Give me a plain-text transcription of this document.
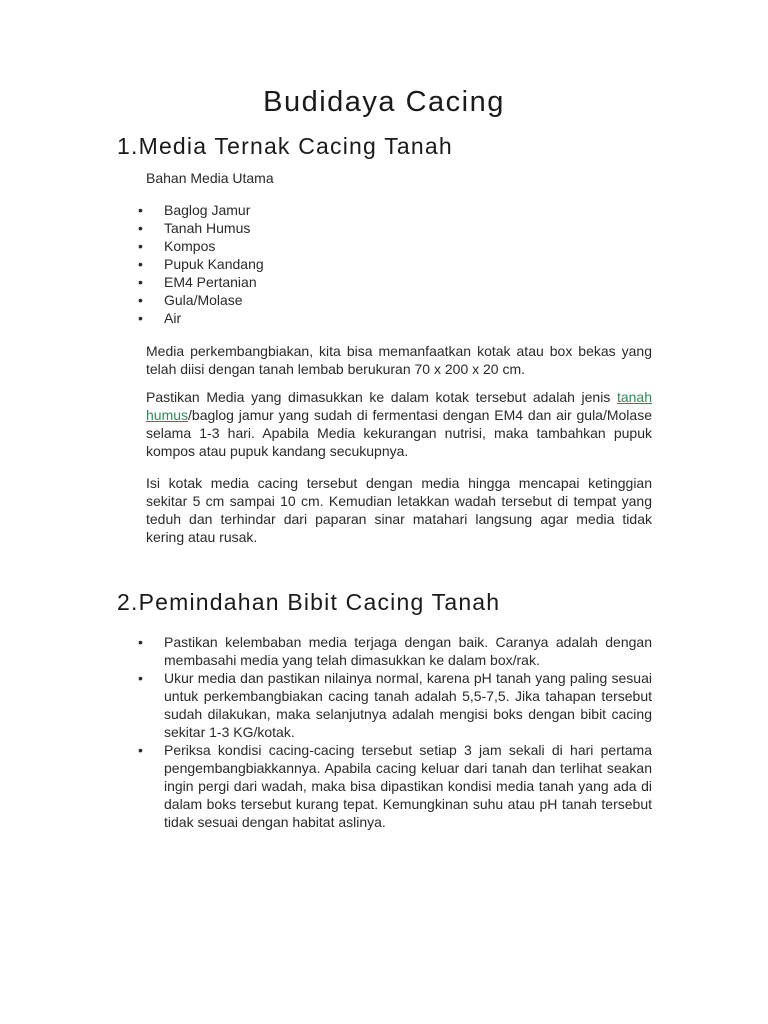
Budidaya Cacing
1.Media Ternak Cacing Tanah

Bahan Media Utama

• Baglog Jamur
• Tanah Humus
• Kompos
• Pupuk Kandang
• EM4 Pertanian
• Gula/Molase
• Air

Media perkembangbiakan, kita bisa memanfaatkan kotak atau box bekas yang telah diisi dengan tanah lembab berukuran 70 x 200 x 20 cm.

Pastikan Media yang dimasukkan ke dalam kotak tersebut adalah jenis tanah humus/baglog jamur yang sudah di fermentasi dengan EM4 dan air gula/Molase selama 1-3 hari. Apabila Media kekurangan nutrisi, maka tambahkan pupuk kompos atau pupuk kandang secukupnya.

Isi kotak media cacing tersebut dengan media hingga mencapai ketinggian sekitar 5 cm sampai 10 cm. Kemudian letakkan wadah tersebut di tempat yang teduh dan terhindar dari paparan sinar matahari langsung agar media tidak kering atau rusak.

2.Pemindahan Bibit Cacing Tanah
• Pastikan kelembaban media terjaga dengan baik. Caranya adalah dengan membasahi media yang telah dimasukkan ke dalam box/rak.
• Ukur media dan pastikan nilainya normal, karena pH tanah yang paling sesuai untuk perkembangbiakan cacing tanah adalah 5,5-7,5. Jika tahapan tersebut sudah dilakukan, maka selanjutnya adalah mengisi boks dengan bibit cacing sekitar 1-3 KG/kotak.
• Periksa kondisi cacing-cacing tersebut setiap 3 jam sekali di hari pertama pengembangbiakkannya. Apabila cacing keluar dari tanah dan terlihat seakan ingin pergi dari wadah, maka bisa dipastikan kondisi media tanah yang ada di dalam boks tersebut kurang tepat. Kemungkinan suhu atau pH tanah tersebut tidak sesuai dengan habitat aslinya.
